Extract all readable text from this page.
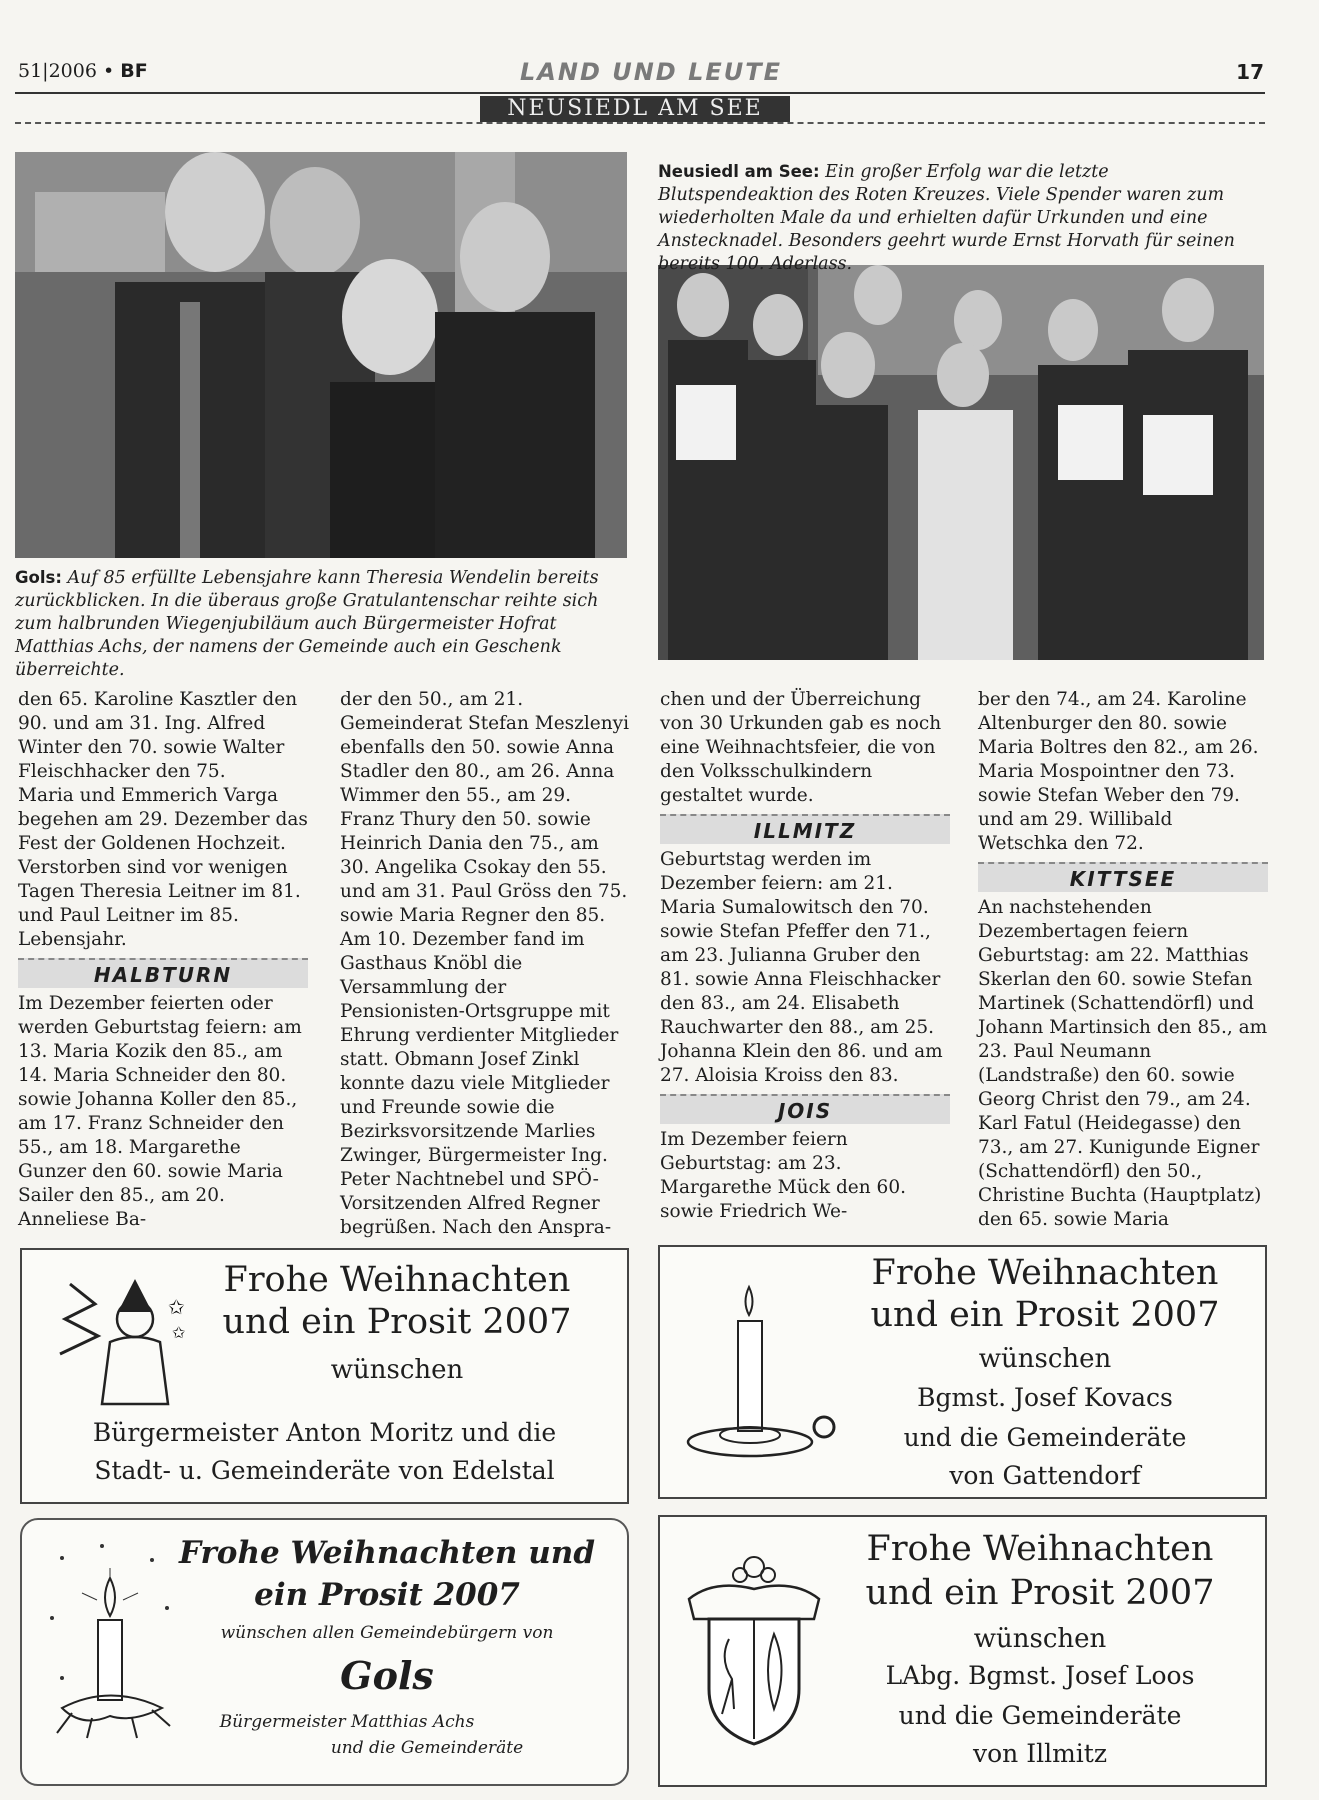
51|2006 • BF	LAND UND LEUTE	17
NEUSIEDL AM SEE
Gols: Auf 85 erfüllte Lebensjahre kann Theresia Wendelin bereits zurückblicken. In die überaus große Gratulantenschar reihte sich zum halbrunden Wiegenjubiläum auch Bürgermeister Hofrat Matthias Achs, der namens der Gemeinde auch ein Geschenk überreichte.
Neusiedl am See: Ein großer Erfolg war die letzte Blutspendeaktion des Roten Kreuzes. Viele Spender waren zum wiederholten Male da und erhielten dafür Urkunden und eine Anstecknadel. Besonders geehrt wurde Ernst Horvath für seinen bereits 100. Aderlass.

den 65. Karoline Kasztler den 90. und am 31. Ing. Alfred Winter den 70. sowie Walter Fleischhacker den 75.

Maria und Emmerich Varga begehen am 29. Dezember das Fest der Goldenen Hochzeit. Verstorben sind vor wenigen Tagen Theresia Leitner im 81. und Paul Leitner im 85. Lebensjahr.

HALBTURN

Im Dezember feierten oder werden Geburtstag feiern: am 13. Maria Kozik den 85., am 14. Maria Schneider den 80. sowie Johanna Koller den 85., am 17. Franz Schneider den 55., am 18. Margarethe Gunzer den 60. sowie Maria Sailer den 85., am 20. Anneliese Ba-

der den 50., am 21. Gemeinderat Stefan Meszlenyi ebenfalls den 50. sowie Anna Stadler den 80., am 26. Anna Wimmer den 55., am 29. Franz Thury den 50. sowie Heinrich Dania den 75., am 30. Angelika Csokay den 55. und am 31. Paul Gröss den 75. sowie Maria Regner den 85.

Am 10. Dezember fand im Gasthaus Knöbl die Versammlung der Pensionisten-Ortsgruppe mit Ehrung verdienter Mitglieder statt. Obmann Josef Zinkl konnte dazu viele Mitglieder und Freunde sowie die Bezirksvorsitzende Marlies Zwinger, Bürgermeister Ing. Peter Nachtnebel und SPÖ-Vorsitzenden Alfred Regner begrüßen. Nach den Anspra-

chen und der Überreichung von 30 Urkunden gab es noch eine Weihnachtsfeier, die von den Volksschulkindern gestaltet wurde.

ILLMITZ

Geburtstag werden im Dezember feiern: am 21. Maria Sumalowitsch den 70. sowie Stefan Pfeffer den 71., am 23. Julianna Gruber den 81. sowie Anna Fleischhacker den 83., am 24. Elisabeth Rauchwarter den 88., am 25. Johanna Klein den 86. und am 27. Aloisia Kroiss den 83.

JOIS

Im Dezember feiern Geburtstag: am 23. Margarethe Mück den 60. sowie Friedrich We-

ber den 74., am 24. Karoline Altenburger den 80. sowie Maria Boltres den 82., am 26. Maria Mospointner den 73. sowie Stefan Weber den 79. und am 29. Willibald Wetschka den 72.

KITTSEE

An nachstehenden Dezembertagen feiern Geburtstag: am 22. Matthias Skerlan den 60. sowie Stefan Martinek (Schattendörfl) und Johann Martinsich den 85., am 23. Paul Neumann (Landstraße) den 60. sowie Georg Christ den 79., am 24. Karl Fatul (Heidegasse) den 73., am 27. Kunigunde Eigner (Schattendörfl) den 50., Christine Buchta (Hauptplatz) den 65. sowie Maria

✩
✩
Frohe Weihnachten
und ein Prosit 2007
wünschen
Bürgermeister Anton Moritz und die
Stadt- u. Gemeinderäte von Edelstal
Frohe Weihnachten
und ein Prosit 2007
wünschen
Bgmst. Josef Kovacs
und die Gemeinderäte
von Gattendorf
Frohe Weihnachten und
ein Prosit 2007
wünschen allen Gemeindebürgern von
Gols
Bürgermeister Matthias Achs
und die Gemeinderäte
Frohe Weihnachten
und ein Prosit 2007
wünschen
LAbg. Bgmst. Josef Loos
und die Gemeinderäte
von Illmitz
